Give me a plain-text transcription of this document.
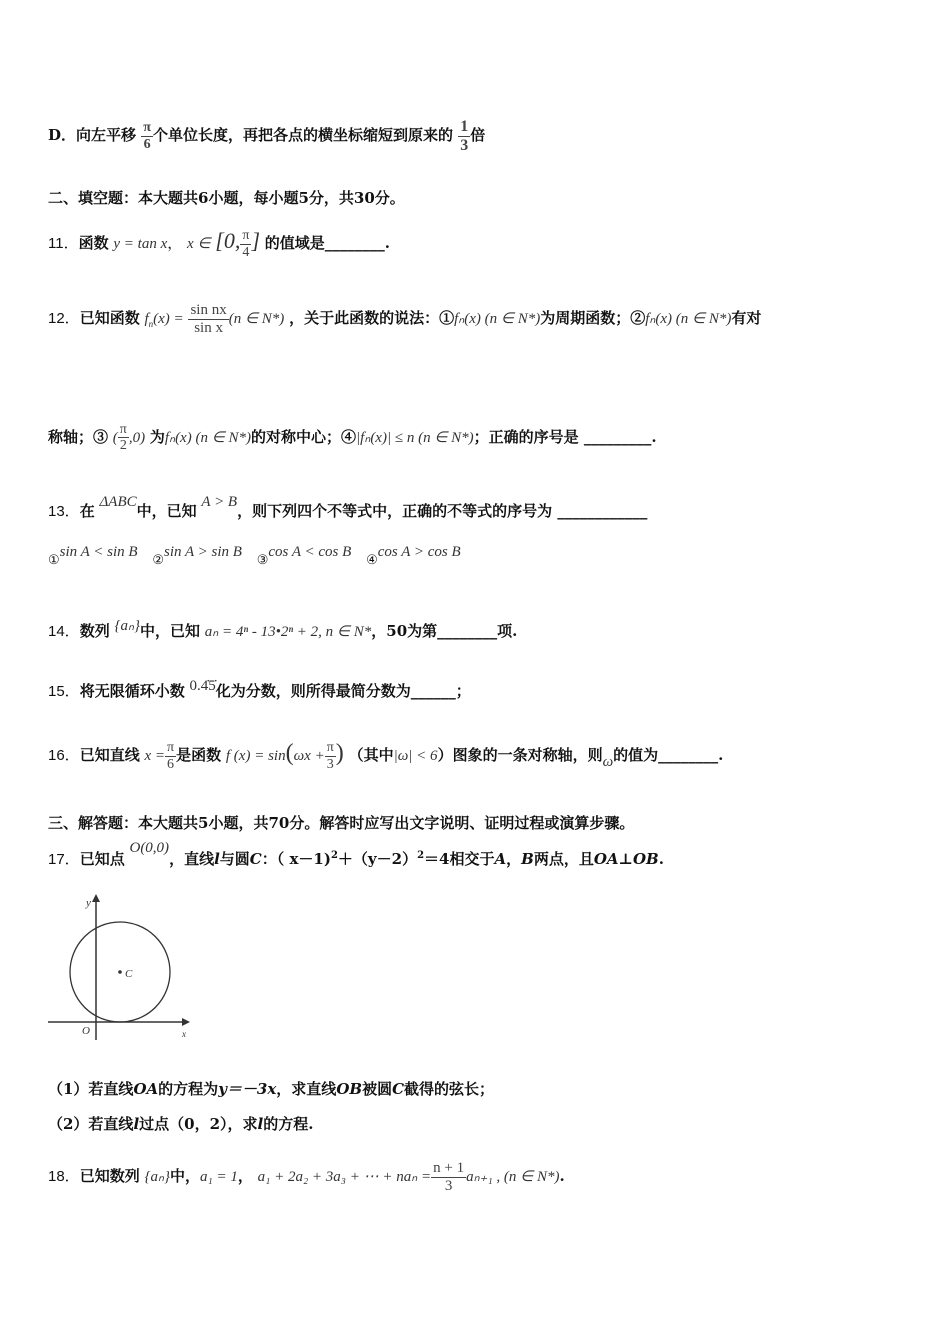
D．向左平移 $\frac{\pi}{6}$ 个单位长度，再把各点的横坐标缩短到原来的 $\frac{1}{3}$ 倍
二、填空题：本大题共6小题，每小题5分，共30分。
11．函数 y = tan x， x ∈ [0, $\frac{\pi}{4}$ ] 的值域是________.
12．已知函数 $f_n(x) = \frac{\text{sin nx}}{\text{sin x}} (n$ ∈ N*) ，关于此函数的说法：①fₙ(x) (n ∈ N*)为周期函数；②fₙ(x) (n ∈ N*)有对
称轴；③ ( $\frac{\pi}{2} ,0$) 为fₙ(x) (n ∈ N*)的对称中心；④|fₙ(x)| ≤ n (n ∈ N*)；正确的序号是 _________.
13．在 ΔABC中，已知 A > B，则下列四个不等式中，正确的不等式的序号为 ____________
①sin A < sin B ②sin A > sin B ③cos A < cos B ④cos A > cos B
14．数列 {aₙ}中，已知 aₙ = 4ⁿ - 13•2ⁿ + 2, n ∈ N*，50为第________项.
15．将无限循环小数 0.4̇5̇化为分数，则所得最简分数为______；
16．已知直线 $x = \frac{\pi}{6}$ 是函数 f $(x) = \sin(\omega x + \frac{\pi}{3}$ ) （其中|ω| < 6）图象的一条对称轴，则ω的值为________.
三、解答题：本大题共5小题，共70分。解答时应写出文字说明、证明过程或演算步骤。
17．已知点 O(0,0)，直线l与圆C：（ $x-1)^2+(y-2)^2=4$相交于A，B两点，且OA⊥OB.
y
x
O
C
（1）若直线OA的方程为y＝－3x，求直线OB被圆C截得的弦长；
（2）若直线l过点（0，2），求l的方程.
18．已知数列 {aₙ}中，a₁ = 1， a₁ + 2a₂ + 3a₃ + ⋯ + $na_n = \frac{n + 1}{3} a_{n+1}$ , (n ∈ N*).
